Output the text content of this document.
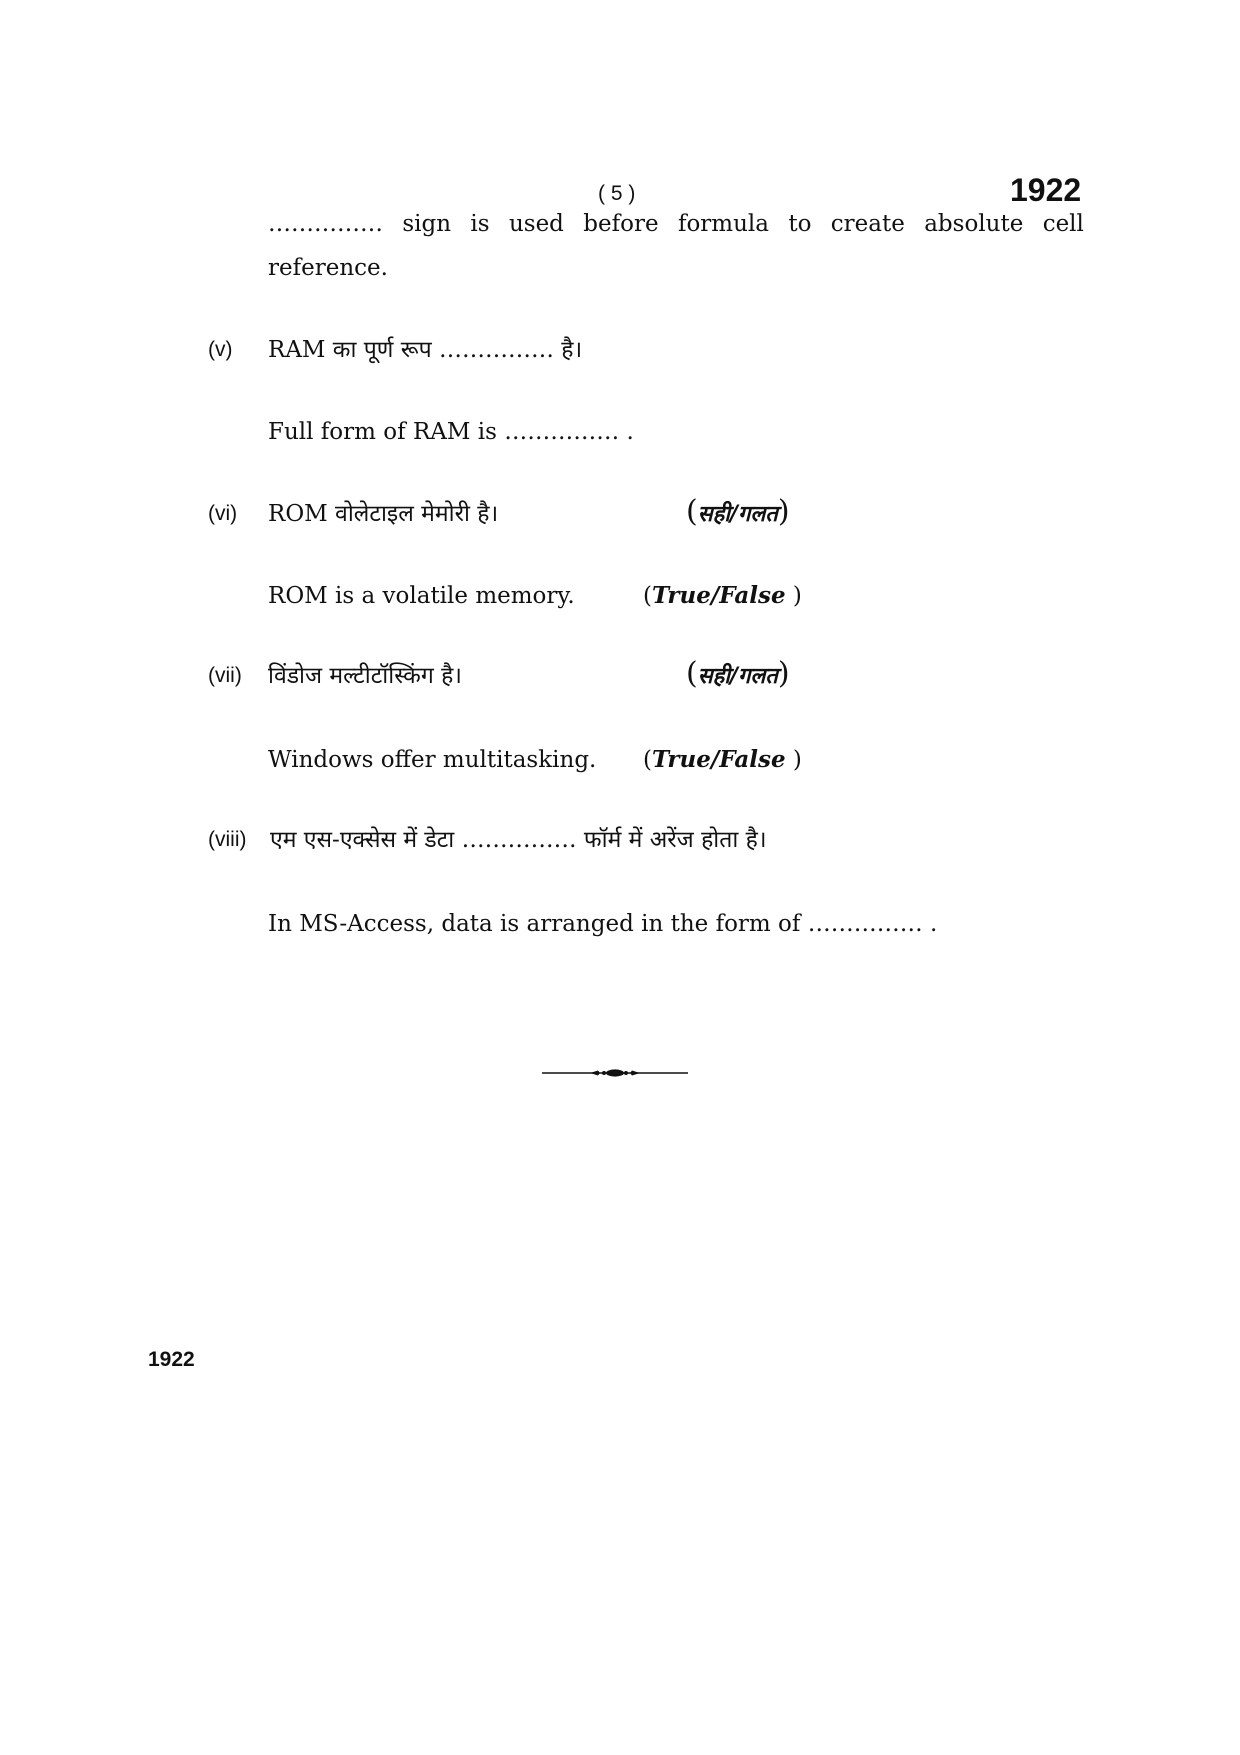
( 5 )	1922
…………… sign is used before formula to create absolute cell
reference.
(v) RAM का पूर्ण रूप …………… है।
Full form of RAM is …………… .
(vi) ROM वोलेटाइल मेमोरी है।	(सही/गलत)
ROM is a volatile memory.	(True/False )
(vii) विंडोज मल्टीटॉस्किंग है।	(सही/गलत)
Windows offer multitasking. (True/False )
(viii) एम एस-एक्सेस में डेटा …………… फॉर्म में अरेंज होता है।
In MS-Access, data is arranged in the form of …………… .
1922
